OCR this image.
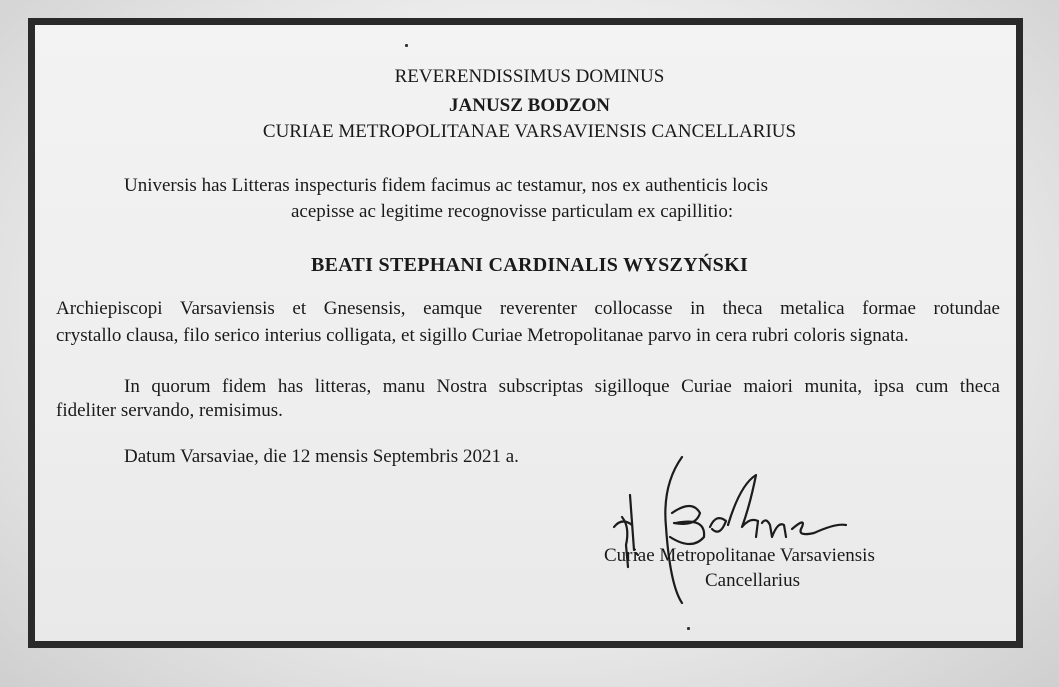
REVERENDISSIMUS DOMINUS
JANUSZ BODZON
CURIAE METROPOLITANAE VARSAVIENSIS CANCELLARIUS
Universis has Litteras inspecturis fidem facimus ac testamur, nos ex authenticis locis
acepisse ac legitime recognovisse particulam ex capillitio:
BEATI STEPHANI CARDINALIS WYSZYŃSKI
Archiepiscopi Varsaviensis et Gnesensis, eamque reverenter collocasse in theca metalica formae rotundae
crystallo clausa, filo serico interius colligata, et sigillo Curiae Metropolitanae parvo in cera rubri coloris signata.
In quorum fidem has litteras, manu Nostra subscriptas sigilloque Curiae maiori munita, ipsa cum theca
fideliter servando, remisimus.
Datum Varsaviae, die 12 mensis Septembris 2021 a.
Curiae Metropolitanae Varsaviensis
Cancellarius
